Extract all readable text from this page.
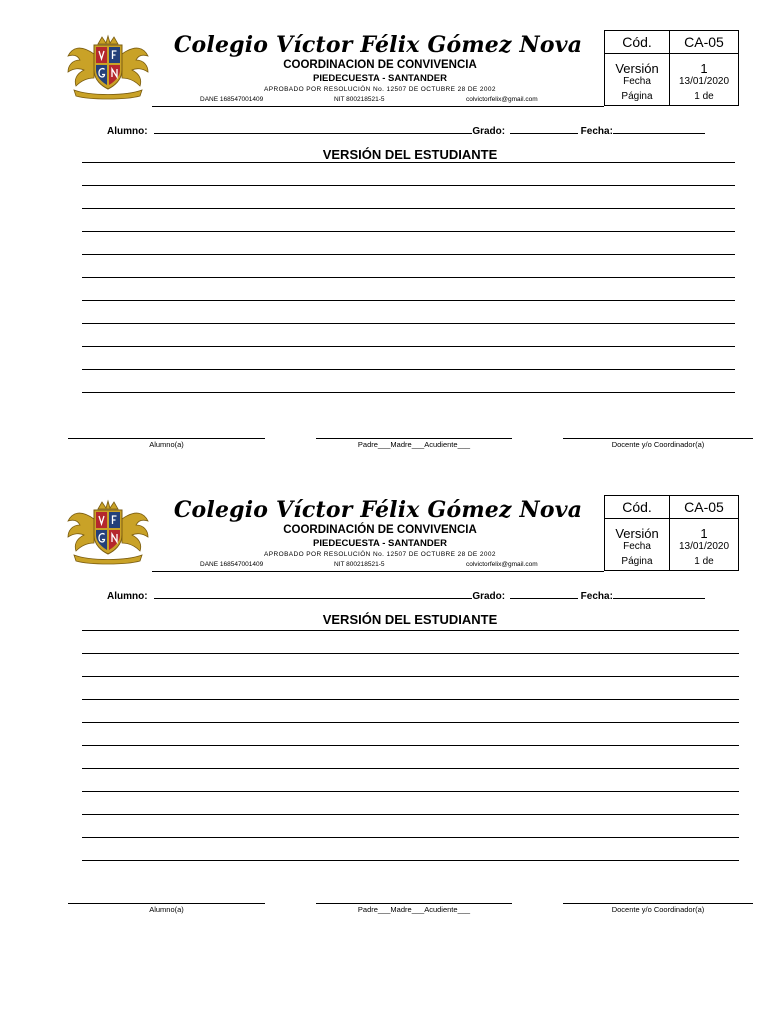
Colegio Víctor Félix Gómez Nova
COORDINACION DE CONVIVENCIA
PIEDECUESTA - SANTANDER
APROBADO POR RESOLUCIÓN No. 12507 DE OCTUBRE 28 DE 2002
DANE 168547001409	NIT 800218521-5	colvictorfelix@gmail.com
Cód.	CA-05
Versión	1
Fecha	13/01/2020
Página	1 de
Alumno:	Grado:	Fecha:
VERSIÓN DEL ESTUDIANTE
Alumno(a)	Padre___Madre___Acudiente___	Docente y/o Coordinador(a)
Colegio Víctor Félix Gómez Nova
COORDINACIÓN DE CONVIVENCIA
PIEDECUESTA - SANTANDER
APROBADO POR RESOLUCIÓN No. 12507 DE OCTUBRE 28 DE 2002
DANE 168547001409	NIT 800218521-5	colvictorfelix@gmail.com
Cód.	CA-05
Versión	1
Fecha	13/01/2020
Página	1 de
Alumno:	Grado:	Fecha:
VERSIÓN DEL ESTUDIANTE
Alumno(a)	Padre___Madre___Acudiente___	Docente y/o Coordinador(a)
